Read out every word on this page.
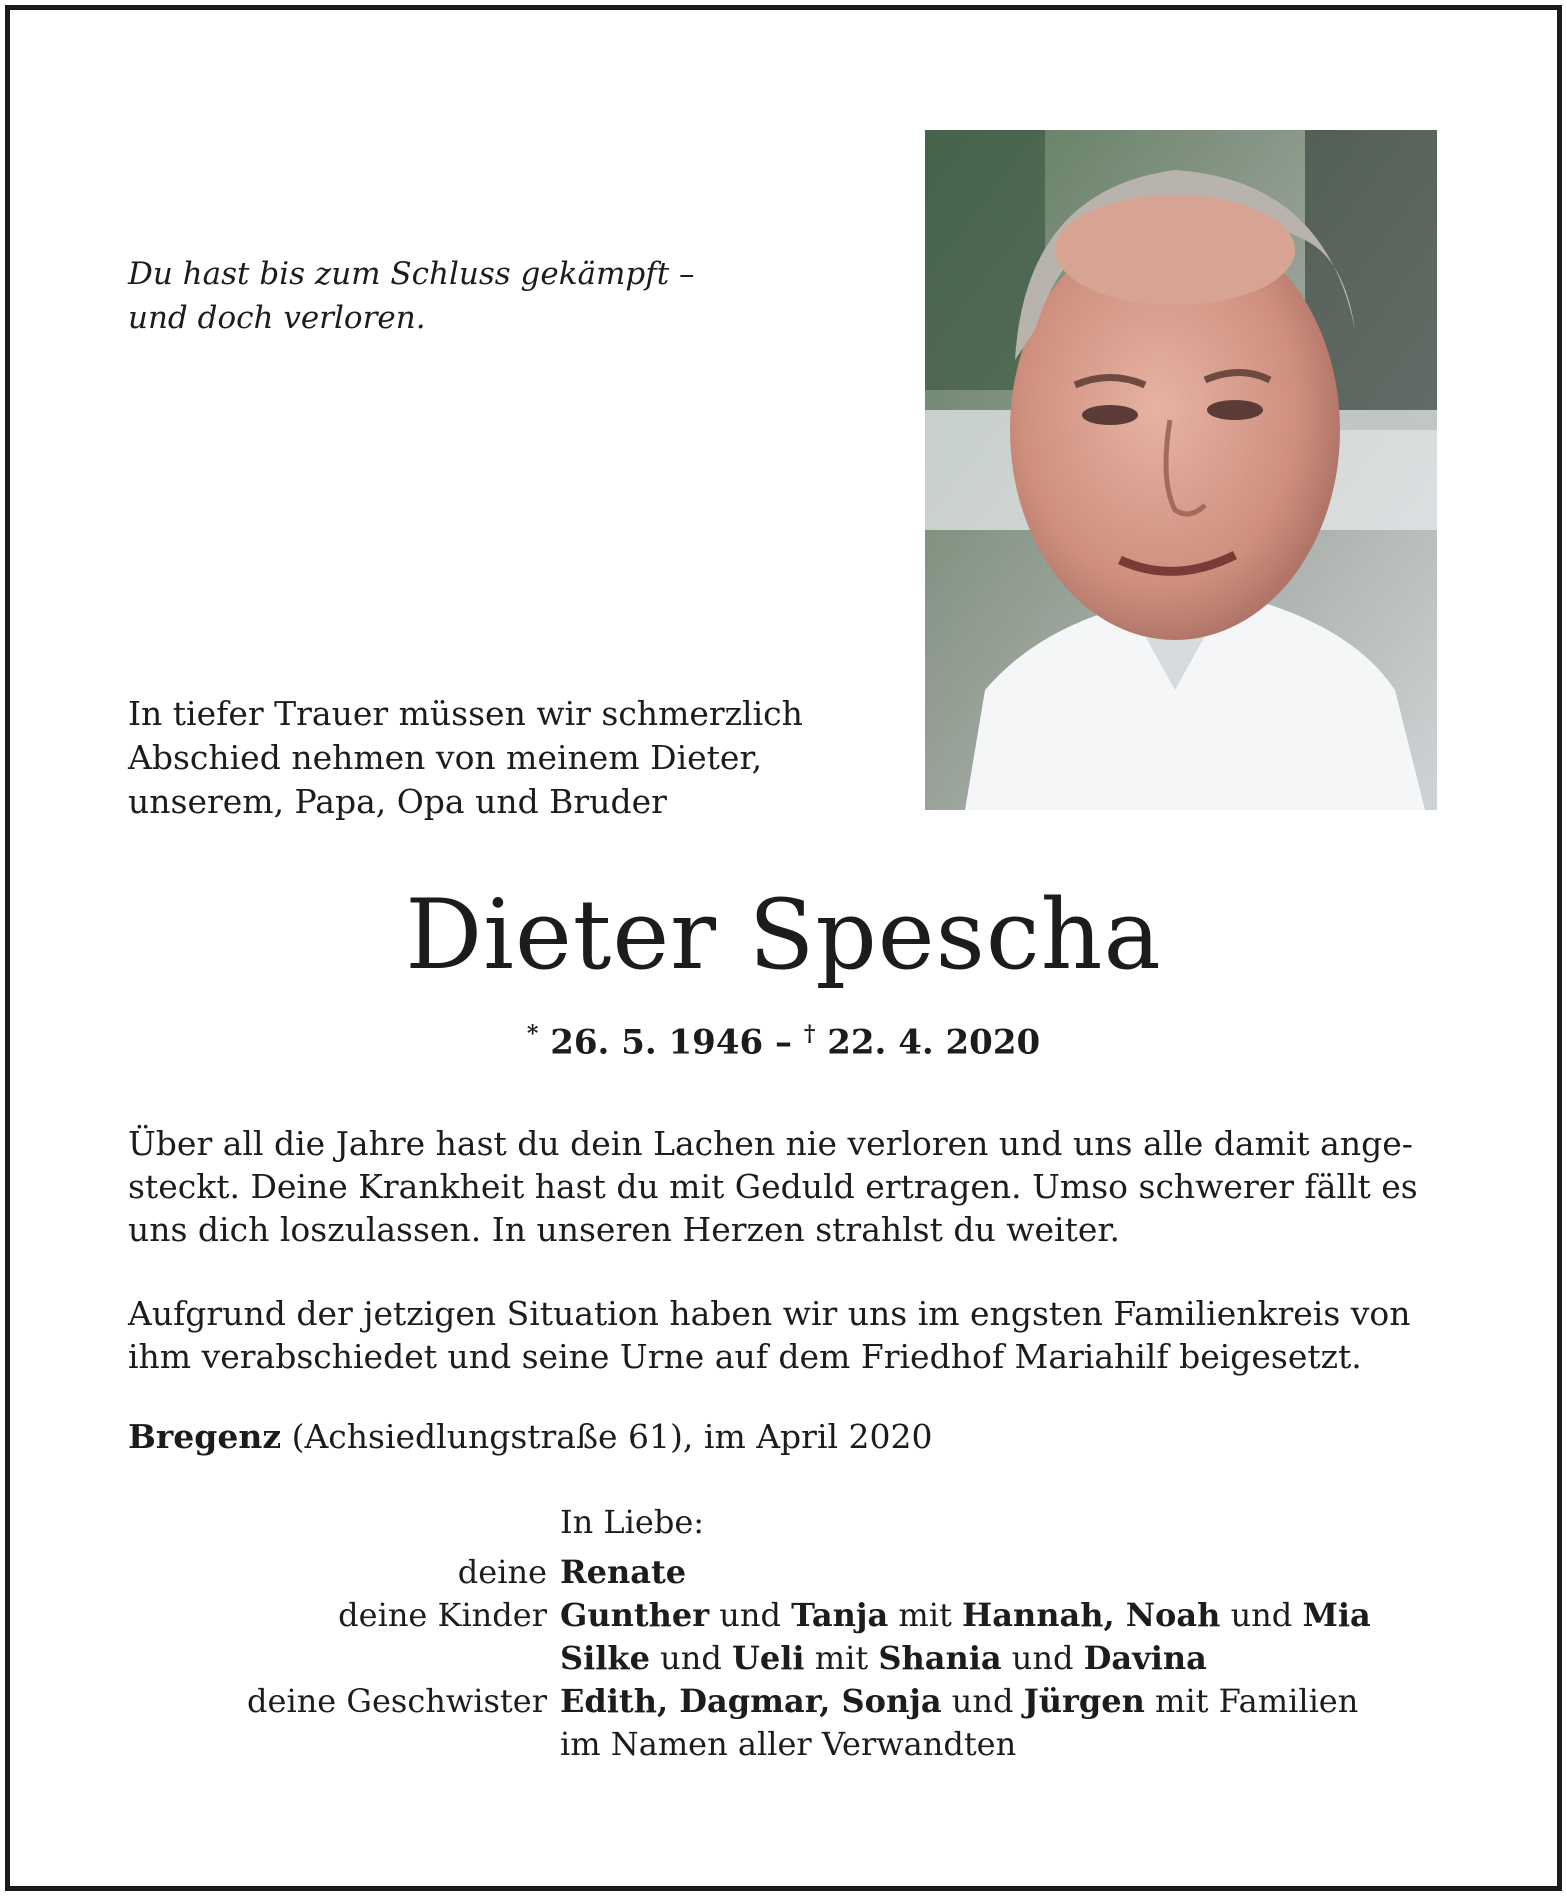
Du hast bis zum Schluss gekämpft –
und doch verloren.
In tiefer Trauer müssen wir schmerzlich
Abschied nehmen von meinem Dieter,
unserem, Papa, Opa und Bruder
Dieter Spescha
* 26. 5. 1946 – † 22. 4. 2020
Über all die Jahre hast du dein Lachen nie verloren und uns alle damit ange-
steckt. Deine Krankheit hast du mit Geduld ertragen. Umso schwerer fällt es
uns dich loszulassen. In unseren Herzen strahlst du weiter.
Aufgrund der jetzigen Situation haben wir uns im engsten Familienkreis von
ihm verabschiedet und seine Urne auf dem Friedhof Mariahilf beigesetzt.
Bregenz (Achsiedlungstraße 61), im April 2020
In Liebe:
deine Renate
deine Kinder Gunther und Tanja mit Hannah, Noah und Mia
Silke und Ueli mit Shania und Davina
deine Geschwister Edith, Dagmar, Sonja und Jürgen mit Familien
im Namen aller Verwandten
